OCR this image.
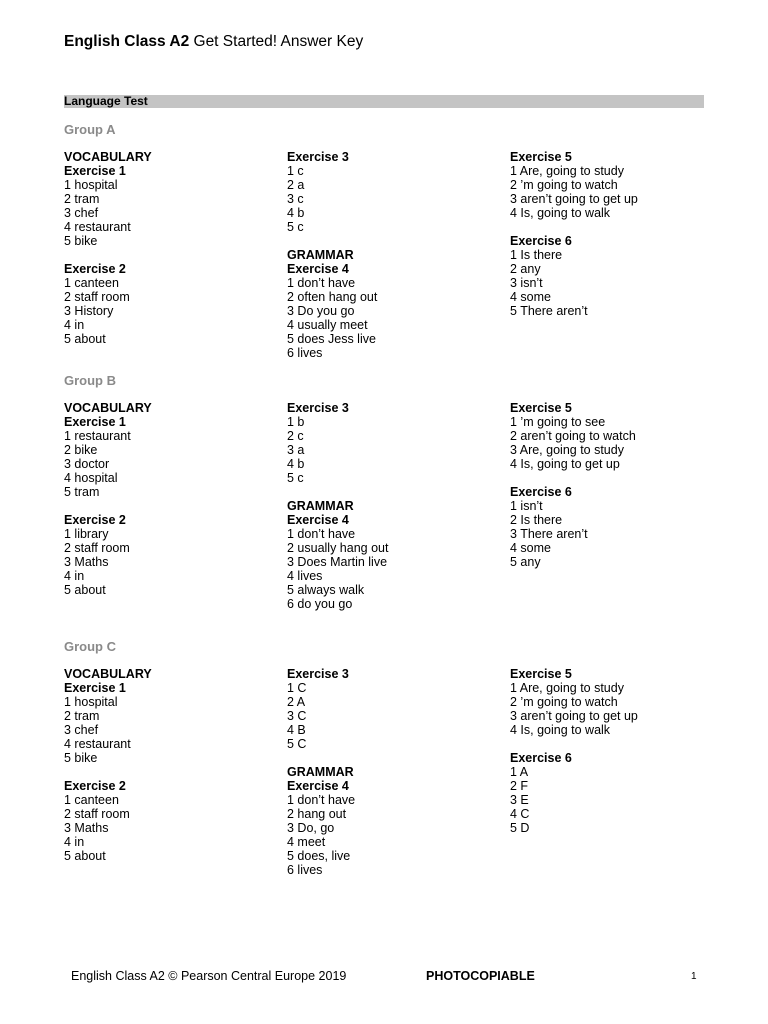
English Class A2 Get Started! Answer Key
Language Test
Group A
VOCABULARY
Exercise 1
1 hospital
2 tram
3 chef
4 restaurant
5 bike
Exercise 2
1 canteen
2 staff room
3 History
4 in
5 about
Exercise 3
1 c
2 a
3 c
4 b
5 c
GRAMMAR
Exercise 4
1 don’t have
2 often hang out
3 Do you go
4 usually meet
5 does Jess live
6 lives
Exercise 5
1 Are, going to study
2 ’m going to watch
3 aren’t going to get up
4 Is, going to walk
Exercise 6
1 Is there
2 any
3 isn’t
4 some
5 There aren’t
Group B
VOCABULARY
Exercise 1
1 restaurant
2 bike
3 doctor
4 hospital
5 tram
Exercise 2
1 library
2 staff room
3 Maths
4 in
5 about
Exercise 3
1 b
2 c
3 a
4 b
5 c
GRAMMAR
Exercise 4
1 don’t have
2 usually hang out
3 Does Martin live
4 lives
5 always walk
6 do you go
Exercise 5
1 ’m going to see
2 aren’t going to watch
3 Are, going to study
4 Is, going to get up
Exercise 6
1 isn’t
2 Is there
3 There aren’t
4 some
5 any
Group C
VOCABULARY
Exercise 1
1 hospital
2 tram
3 chef
4 restaurant
5 bike
Exercise 2
1 canteen
2 staff room
3 Maths
4 in
5 about
Exercise 3
1 C
2 A
3 C
4 B
5 C
GRAMMAR
Exercise 4
1 don’t have
2 hang out
3 Do, go
4 meet
5 does, live
6 lives
Exercise 5
1 Are, going to study
2 ’m going to watch
3 aren’t going to get up
4 Is, going to walk
Exercise 6
1 A
2 F
3 E
4 C
5 D
English Class A2 © Pearson Central Europe 2019	PHOTOCOPIABLE	1
